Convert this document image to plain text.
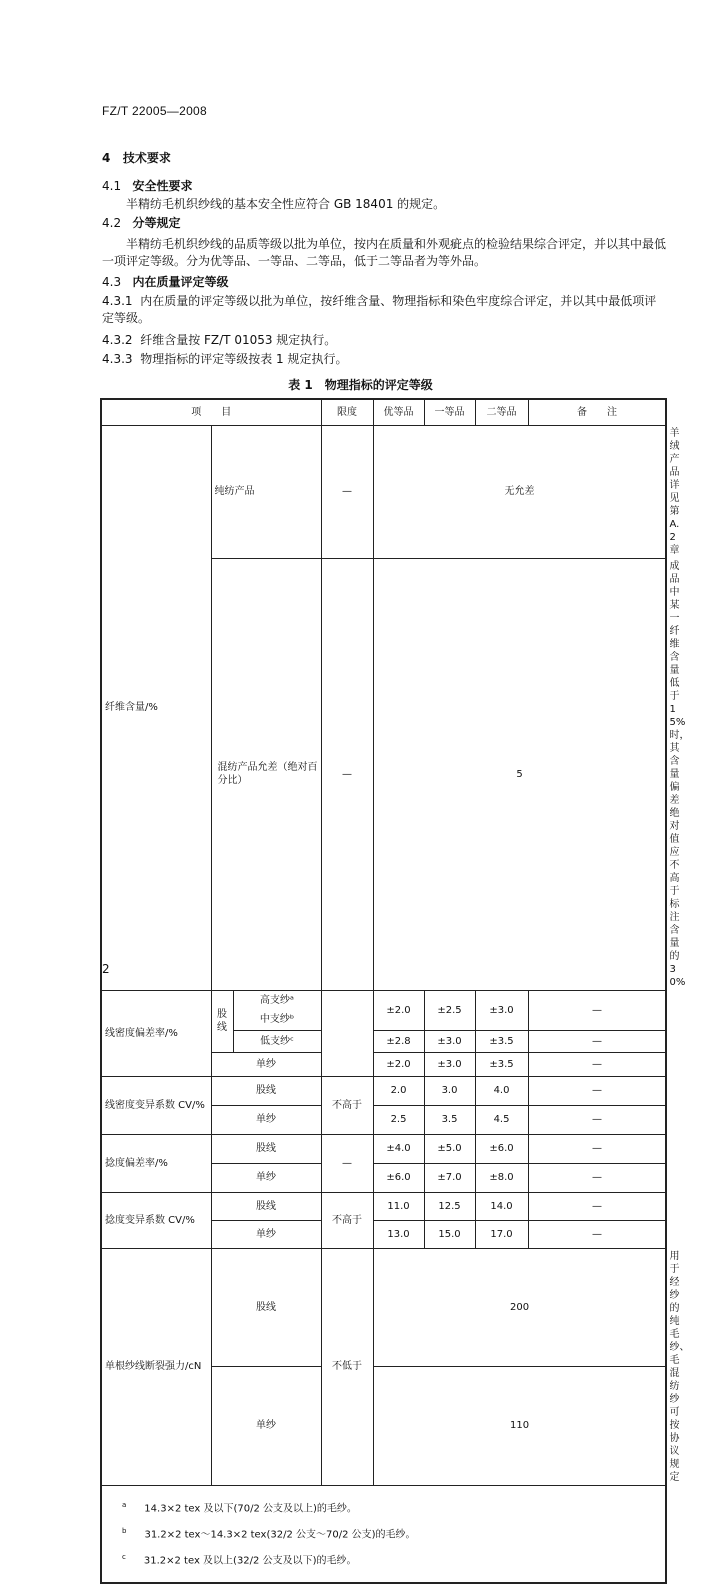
FZ/T 22005—2008
4 技术要求
4.1 安全性要求
半精纺毛机织纱线的基本安全性应符合 GB 18401 的规定。
4.2 分等规定
半精纺毛机织纱线的品质等级以批为单位，按内在质量和外观疵点的检验结果综合评定，并以其中最低一项评定等级。分为优等品、一等品、二等品，低于二等品者为等外品。
4.3 内在质量评定等级
4.3.1 内在质量的评定等级以批为单位，按纤维含量、物理指标和染色牢度综合评定，并以其中最低项评定等级。
4.3.2 纤维含量按 FZ/T 01053 规定执行。
4.3.3 物理指标的评定等级按表 1 规定执行。
表 1　物理指标的评定等级
项　　目			限度	优等品	一等品	二等品	备　　注	
纤维含量/%	纯纺产品		—	无允差				羊绒产品详见第 A.2 章
	混纺产品允差（绝对百分比）		—	5				成品中某一纤维含量低于 15%时，其含量偏差绝对值应不高于标注含量的 30%
线密度偏差率/%	股线	高支纱ᵃ		±2.0	±2.5	±3.0	—	
		中支纱ᵇ						
		低支纱ᶜ		±2.8	±3.0	±3.5	—	
	单纱			±2.0	±3.0	±3.5	—	
线密度变异系数 CV/%	股线		不高于	2.0	3.0	4.0	—	
	单纱			2.5	3.5	4.5	—	
捻度偏差率/%	股线		—	±4.0	±5.0	±6.0	—	
	单纱			±6.0	±7.0	±8.0	—	
捻度变异系数 CV/%	股线		不高于	11.0	12.5	14.0	—	
	单纱			13.0	15.0	17.0	—	
单根纱线断裂强力/cN	股线		不低于	200				用于经纱的纯毛纱、毛混纺纱可按协议规定
	单纱			110				

$^a$ 14.3×2 tex 及以下(70/2 公支及以上)的毛纱。
$^b$ 31.2×2 tex～14.3×2 tex(32/2 公支～70/2 公支)的毛纱。
$^c$ 31.2×2 tex 及以上(32/2 公支及以下)的毛纱。								
2
